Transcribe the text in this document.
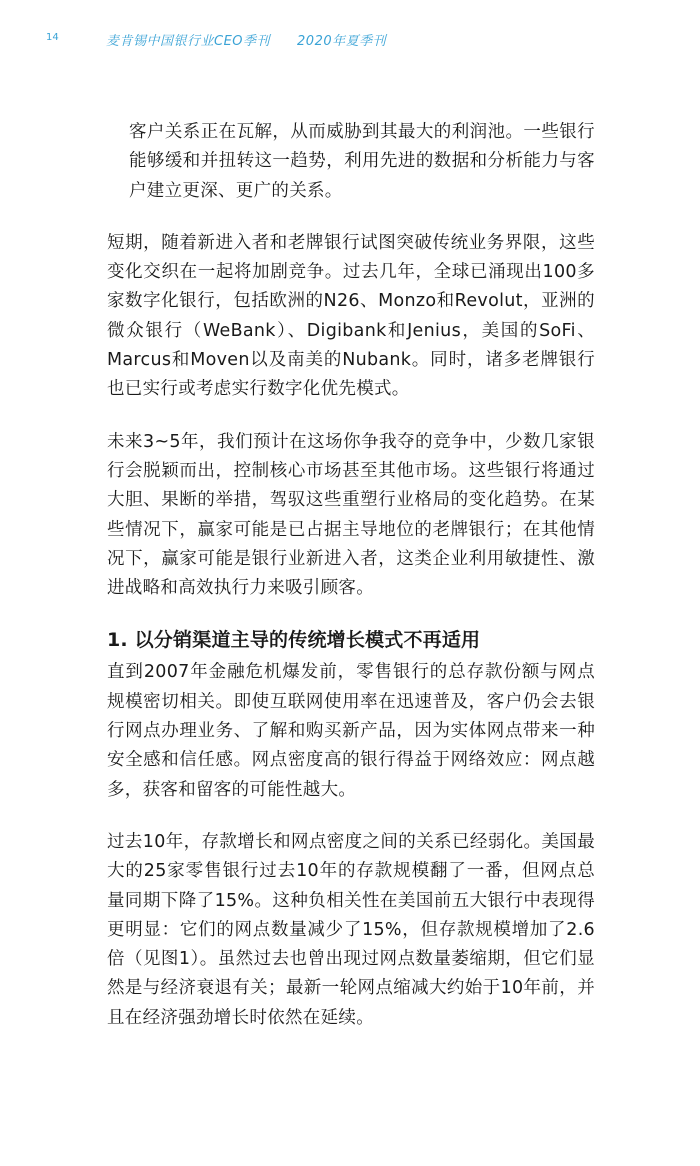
14	麦肯锡中国银行业CEO季刊　　2020年夏季刊

客户关系正在瓦解，从而威胁到其最大的利润池。一些银行能够缓和并扭转这一趋势，利用先进的数据和分析能力与客户建立更深、更广的关系。

短期，随着新进入者和老牌银行试图突破传统业务界限，这些变化交织在一起将加剧竞争。过去几年，全球已涌现出100多家数字化银行，包括欧洲的N26、Monzo和Revolut，亚洲的微众银行（WeBank）、Digibank和Jenius，美国的SoFi、Marcus和Moven以及南美的Nubank。同时，诸多老牌银行也已实行或考虑实行数字化优先模式。

未来3~5年，我们预计在这场你争我夺的竞争中，少数几家银行会脱颖而出，控制核心市场甚至其他市场。这些银行将通过大胆、果断的举措，驾驭这些重塑行业格局的变化趋势。在某些情况下，赢家可能是已占据主导地位的老牌银行；在其他情况下，赢家可能是银行业新进入者，这类企业利用敏捷性、激进战略和高效执行力来吸引顾客。

1. 以分销渠道主导的传统增长模式不再适用

直到2007年金融危机爆发前，零售银行的总存款份额与网点规模密切相关。即使互联网使用率在迅速普及，客户仍会去银行网点办理业务、了解和购买新产品，因为实体网点带来一种安全感和信任感。网点密度高的银行得益于网络效应：网点越多，获客和留客的可能性越大。

过去10年，存款增长和网点密度之间的关系已经弱化。美国最大的25家零售银行过去10年的存款规模翻了一番，但网点总量同期下降了15%。这种负相关性在美国前五大银行中表现得更明显：它们的网点数量减少了15%，但存款规模增加了2.6倍（见图1）。虽然过去也曾出现过网点数量萎缩期，但它们显然是与经济衰退有关；最新一轮网点缩减大约始于10年前，并且在经济强劲增长时依然在延续。
